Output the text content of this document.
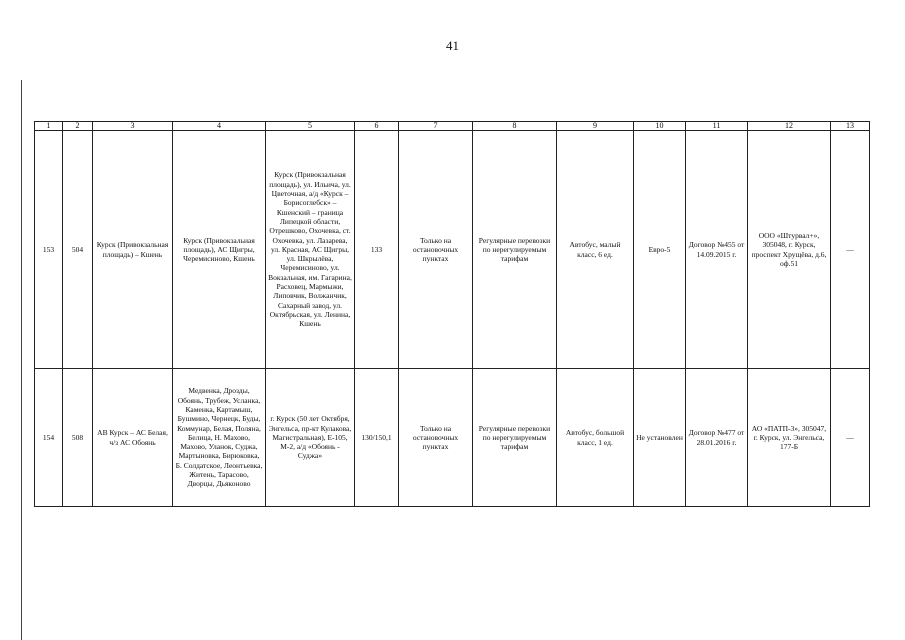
41
1	2	3	4	5	6	7	8	9	10	11	12	13
153	504	Курск (Привокзальная площадь) – Кшень	Курск (Привокзальная площадь), АС Щигры, Черемисиново, Кшень	Курск (Привокзальная площадь), ул. Ильича, ул. Цветочная, а/д «Курск – Борисоглебск» – Кшенский – граница Липецкой области, Отрешково, Охочевка, ст. Охочевка, ул. Лазарева, ул. Красная, АС Щигры, ул. Шкрылёва, Черемисиново, ул. Вокзальная, им. Гагарина, Расховец, Мармыжи, Липовчик, Волжанчик, Сахарный завод, ул. Октябрьская, ул. Ленина, Кшень	133	Только на остановочных пунктах	Регулярные перевозки по нерегулируемым тарифам	Автобус, малый класс, 6 ед.	Евро-5	Договор №455 от 14.09.2015 г.	ООО «Штурвал+», 305048, г. Курск, проспект Хрущёва, д.6, оф.51	—
154	508	АВ Курск – АС Белая, ч/з АС Обоянь	Медвенка, Дрозды, Обоянь, Трубеж, Усланка, Каменка, Картамыш, Бушмино, Чернецк, Буды, Коммунар, Белая, Поляна, Белица, Н. Махово, Махово, Уланок, Суджа, Мартыновка, Бирюковка, Б. Солдатское, Леонтьевка, Житень, Тарасово, Дворцы, Дьяконово	г. Курск (50 лет Октября, Энгельса, пр-кт Кулакова, Магистральная), Е-105, М-2, а/д «Обоянь - Суджа»	130/150,1	Только на остановочных пунктах	Регулярные перевозки по нерегулируемым тарифам	Автобус, большой класс, 1 ед.	Не установлен	Договор №477 от 28.01.2016 г.	АО «ПАТП-3», 305047, г. Курск, ул. Энгельса, 177-Б	—
